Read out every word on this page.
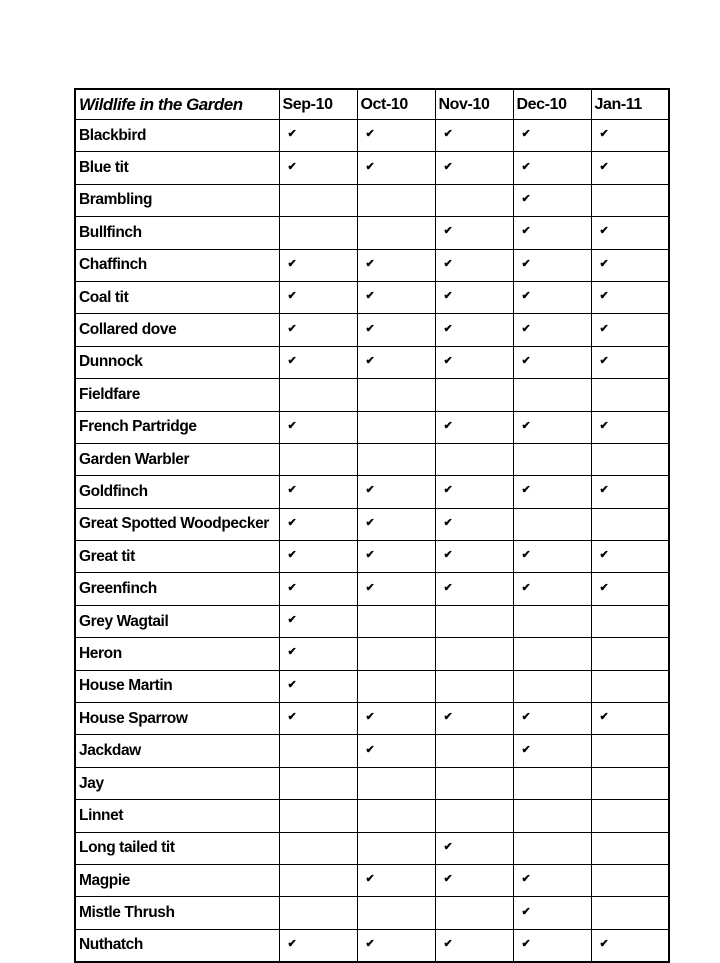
Wildlife in the Garden	Sep-10	Oct-10	Nov-10	Dec-10	Jan-11
Blackbird	✔	✔	✔	✔	✔
Blue tit	✔	✔	✔	✔	✔
Brambling				✔	
Bullfinch			✔	✔	✔
Chaffinch	✔	✔	✔	✔	✔
Coal tit	✔	✔	✔	✔	✔
Collared dove	✔	✔	✔	✔	✔
Dunnock	✔	✔	✔	✔	✔
Fieldfare					
French Partridge	✔		✔	✔	✔
Garden Warbler					
Goldfinch	✔	✔	✔	✔	✔
Great Spotted Woodpecker	✔	✔	✔		
Great tit	✔	✔	✔	✔	✔
Greenfinch	✔	✔	✔	✔	✔
Grey Wagtail	✔				
Heron	✔				
House Martin	✔				
House Sparrow	✔	✔	✔	✔	✔
Jackdaw		✔		✔	
Jay					
Linnet					
Long tailed tit			✔		
Magpie		✔	✔	✔	
Mistle Thrush				✔	
Nuthatch	✔	✔	✔	✔	✔
